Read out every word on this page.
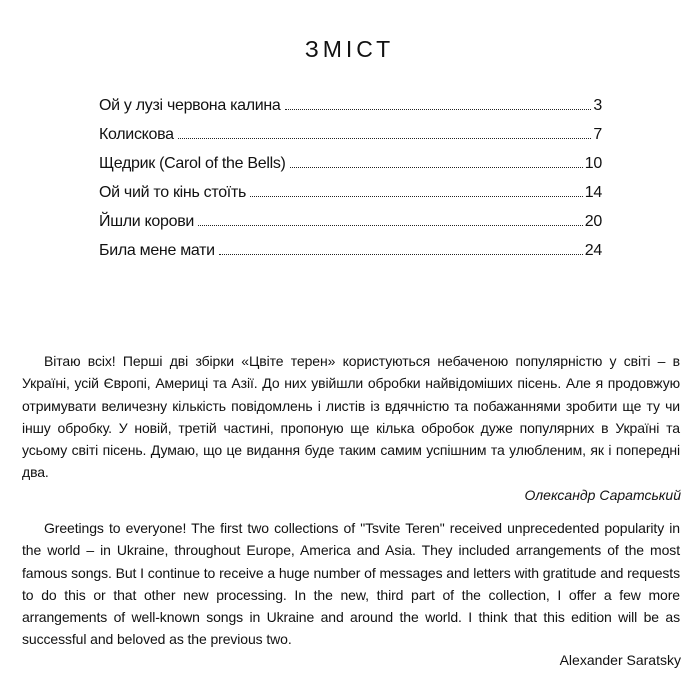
ЗМІСТ
Ой у лузі червона калина	3
Колискова	7
Щедрик (Carol of the Bells)	10
Ой чий то кінь стоїть	14
Йшли корови	20
Била мене мати	24

Вітаю всіх! Перші дві збірки «Цвіте терен» користуються небаченою популярністю у світі – в Україні, усій Європі, Америці та Азії. До них увійшли обробки найвідоміших пісень. Але я продовжую отримувати величезну кількість повідомлень і листів із вдячністю та побажаннями зробити ще ту чи іншу обробку. У новій, третій частині, пропоную ще кілька обробок дуже популярних в Україні та усьому світі пісень. Думаю, що це видання буде таким самим успішним та улюбленим, як і попередні два.

Олександр Саратський

Greetings to everyone! The first two collections of "Tsvite Teren" received unprecedented popularity in the world – in Ukraine, throughout Europe, America and Asia. They included arrangements of the most famous songs. But I continue to receive a huge number of messages and letters with gratitude and requests to do this or that other new processing. In the new, third part of the collection, I offer a few more arrangements of well-known songs in Ukraine and around the world. I think that this edition will be as successful and beloved as the previous two.

Alexander Saratsky
